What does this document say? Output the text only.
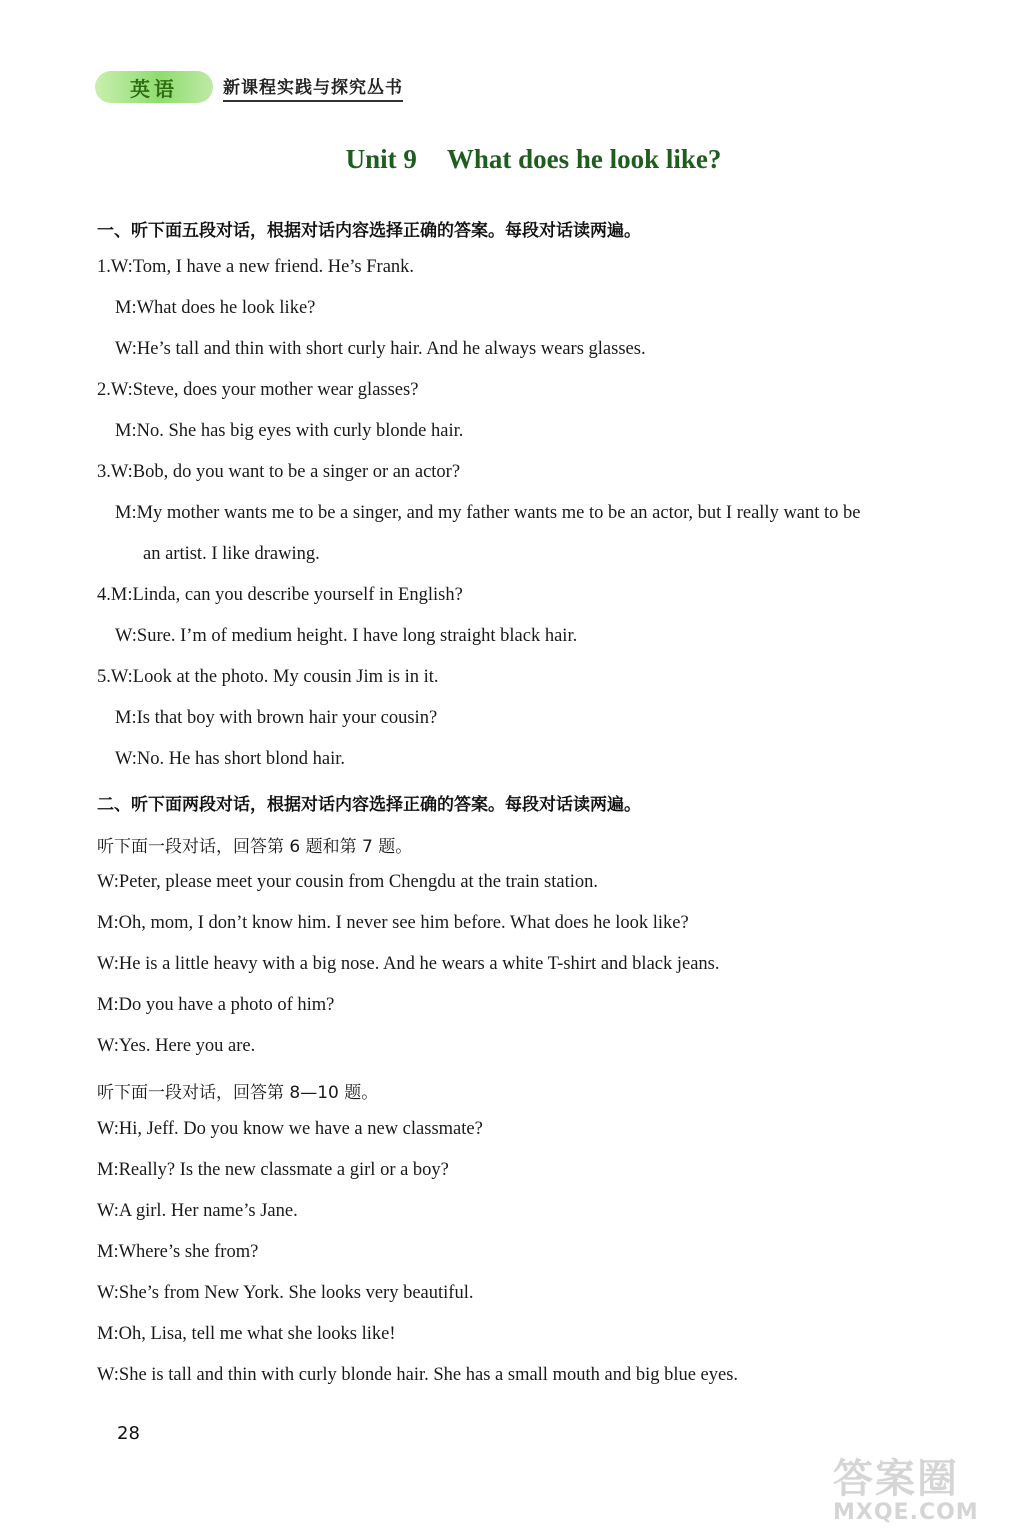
英语	新课程实践与探究丛书
Unit 9 What does he look like?
一、听下面五段对话，根据对话内容选择正确的答案。每段对话读两遍。
1.W:Tom, I have a new friend. He’s Frank.
M:What does he look like?
W:He’s tall and thin with short curly hair. And he always wears glasses.
2.W:Steve, does your mother wear glasses?
M:No. She has big eyes with curly blonde hair.
3.W:Bob, do you want to be a singer or an actor?
M:My mother wants me to be a singer, and my father wants me to be an actor, but I really want to be
an artist. I like drawing.
4.M:Linda, can you describe yourself in English?
W:Sure. I’m of medium height. I have long straight black hair.
5.W:Look at the photo. My cousin Jim is in it.
M:Is that boy with brown hair your cousin?
W:No. He has short blond hair.
二、听下面两段对话，根据对话内容选择正确的答案。每段对话读两遍。
听下面一段对话，回答第 6 题和第 7 题。
W:Peter, please meet your cousin from Chengdu at the train station.
M:Oh, mom, I don’t know him. I never see him before. What does he look like?
W:He is a little heavy with a big nose. And he wears a white T-shirt and black jeans.
M:Do you have a photo of him?
W:Yes. Here you are.
听下面一段对话，回答第 8—10 题。
W:Hi, Jeff. Do you know we have a new classmate?
M:Really? Is the new classmate a girl or a boy?
W:A girl. Her name’s Jane.
M:Where’s she from?
W:She’s from New York. She looks very beautiful.
M:Oh, Lisa, tell me what she looks like!
W:She is tall and thin with curly blonde hair. She has a small mouth and big blue eyes.
28
答案圈
MXQE.COM
